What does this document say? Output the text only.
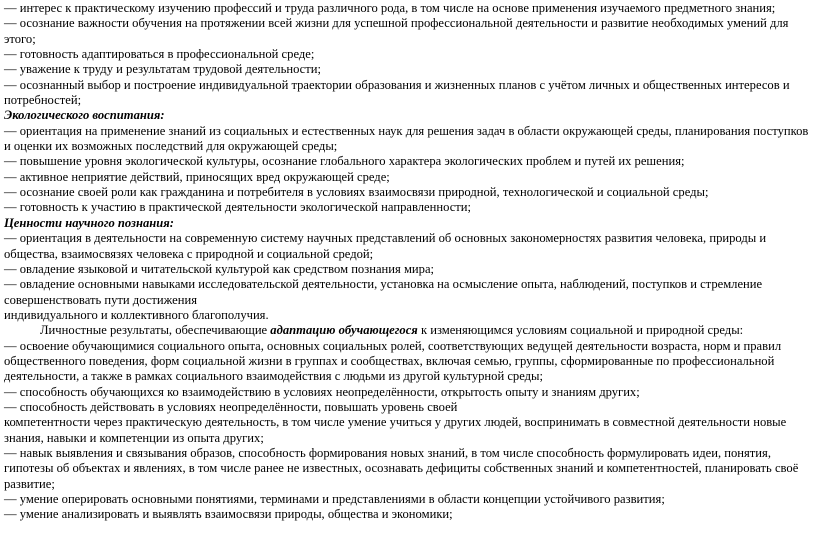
— интерес к практическому изучению профессий и труда различного рода, в том числе на основе применения изучаемого предметного знания;

— осознание важности обучения на протяжении всей жизни для успешной профессиональной деятельности и развитие необходимых умений для этого;

— готовность адаптироваться в профессиональной среде;

— уважение к труду и результатам трудовой деятельности;

— осознанный выбор и построение индивидуальной траектории образования и жизненных планов с учётом личных и общественных интересов и потребностей;

Экологического воспитания:

— ориентация на применение знаний из социальных и естественных наук для решения задач в области окружающей среды, планирования поступков и оценки их возможных последствий для окружающей среды;

— повышение уровня экологической культуры, осознание глобального характера экологических проблем и путей их решения;

— активное неприятие действий, приносящих вред окружающей среде;

— осознание своей роли как гражданина и потребителя в условиях взаимосвязи природной, технологической и социальной среды;

— готовность к участию в практической деятельности экологической направленности;

Ценности научного познания:

— ориентация в деятельности на современную систему научных представлений об основных закономерностях развития человека, природы и общества, взаимосвязях человека с природной и социальной средой;

— овладение языковой и читательской культурой как средством познания мира;

— овладение основными навыками исследовательской деятельности, установка на осмысление опыта, наблюдений, поступков и стремление совершенствовать пути достижения

индивидуального и коллективного благополучия.

Личностные результаты, обеспечивающие адаптацию обучающегося к изменяющимся условиям социальной и природной среды:

— освоение обучающимися социального опыта, основных социальных ролей, соответствующих ведущей деятельности возраста, норм и правил общественного поведения, форм социальной жизни в группах и сообществах, включая семью, группы, сформированные по профессиональной деятельности, а также в рамках социального взаимодействия с людьми из другой культурной среды;

— способность обучающихся ко взаимодействию в условиях неопределённости, открытость опыту и знаниям других;

— способность действовать в условиях неопределённости, повышать уровень своей

компетентности через практическую деятельность, в том числе умение учиться у других людей, воспринимать в совместной деятельности новые знания, навыки и компетенции из опыта других;

— навык выявления и связывания образов, способность формирования новых знаний, в том числе способность формулировать идеи, понятия, гипотезы об объектах и явлениях, в том числе ранее не известных, осознавать дефициты собственных знаний и компетентностей, планировать своё развитие;

— умение оперировать основными понятиями, терминами и представлениями в области концепции устойчивого развития;

— умение анализировать и выявлять взаимосвязи природы, общества и экономики;
